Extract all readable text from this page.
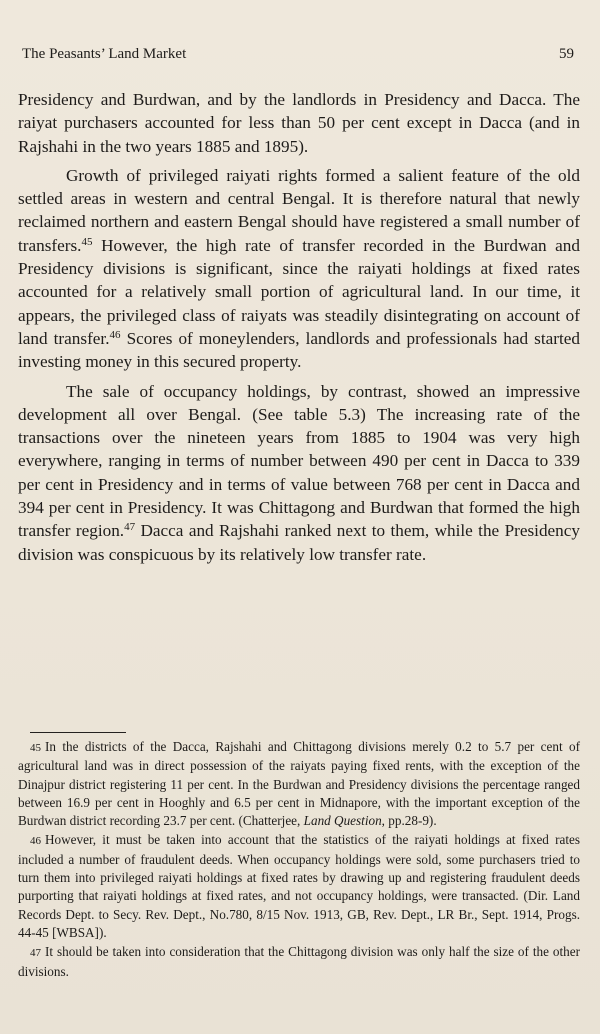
The Peasants’ Land Market	59

Presidency and Burdwan, and by the landlords in Presidency and Dacca. The raiyat purchasers accounted for less than 50 per cent except in Dacca (and in Rajshahi in the two years 1885 and 1895).

Growth of privileged raiyati rights formed a salient feature of the old settled areas in western and central Bengal. It is therefore natural that newly reclaimed northern and eastern Bengal should have registered a small number of transfers.$^{45}$ However, the high rate of transfer recorded in the Burdwan and Presidency divisions is significant, since the raiyati holdings at fixed rates accounted for a relatively small portion of agricultural land. In our time, it appears, the privileged class of raiyats was steadily disintegrating on account of land transfer.$^{46}$ Scores of moneylenders, landlords and professionals had started investing money in this secured property.

The sale of occupancy holdings, by contrast, showed an impressive development all over Bengal. (See table 5.3) The increasing rate of the transactions over the nineteen years from 1885 to 1904 was very high everywhere, ranging in terms of number between 490 per cent in Dacca to 339 per cent in Presidency and in terms of value between 768 per cent in Dacca and 394 per cent in Presidency. It was Chittagong and Burdwan that formed the high transfer region.$^{47}$ Dacca and Rajshahi ranked next to them, while the Presidency division was conspicuous by its relatively low transfer rate.

45 In the districts of the Dacca, Rajshahi and Chittagong divisions merely 0.2 to 5.7 per cent of agricultural land was in direct possession of the raiyats paying fixed rents, with the exception of the Dinajpur district registering 11 per cent. In the Burdwan and Presidency divisions the percentage ranged between 16.9 per cent in Hooghly and 6.5 per cent in Midnapore, with the important exception of the Burdwan district recording 23.7 per cent. (Chatterjee, Land Question, pp.28-9).

46 However, it must be taken into account that the statistics of the raiyati holdings at fixed rates included a number of fraudulent deeds. When occupancy holdings were sold, some purchasers tried to turn them into privileged raiyati holdings at fixed rates by drawing up and registering fraudulent deeds purporting that raiyati holdings at fixed rates, and not occupancy holdings, were transacted. (Dir. Land Records Dept. to Secy. Rev. Dept., No.780, 8/15 Nov. 1913, GB, Rev. Dept., LR Br., Sept. 1914, Progs. 44-45 [WBSA]).

47 It should be taken into consideration that the Chittagong division was only half the size of the other divisions.
